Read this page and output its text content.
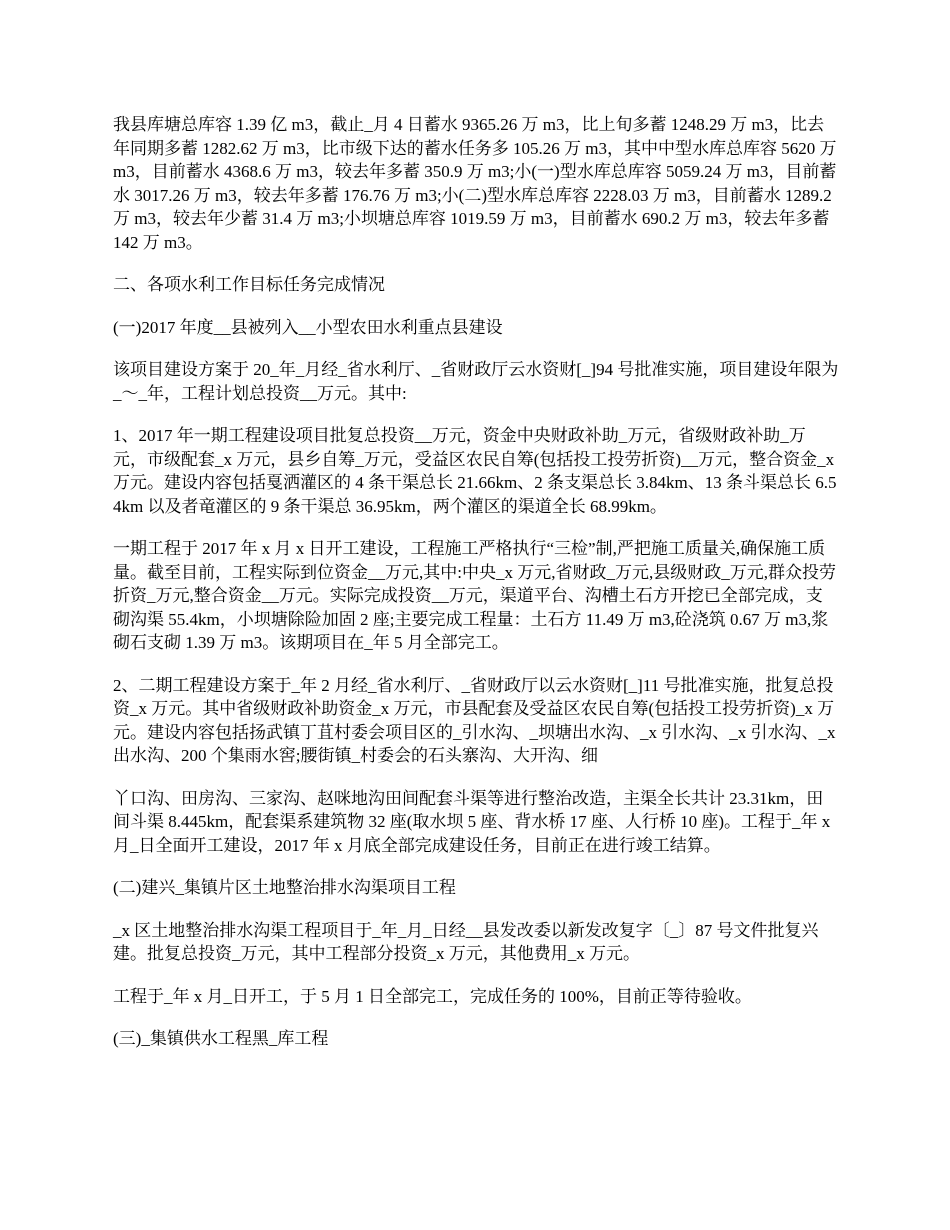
我县库塘总库容 1.39 亿 m3，截止_月 4 日蓄水 9365.26 万 m3，比上旬多蓄 1248.29 万 m3，比去年同期多蓄 1282.62 万 m3，比市级下达的蓄水任务多 105.26 万 m3，其中中型水库总库容 5620 万 m3，目前蓄水 4368.6 万 m3，较去年多蓄 350.9 万 m3;小(一)型水库总库容 5059.24 万 m3，目前蓄水 3017.26 万 m3，较去年多蓄 176.76 万 m3;小(二)型水库总库容 2228.03 万 m3，目前蓄水 1289.2 万 m3，较去年少蓄 31.4 万 m3;小坝塘总库容 1019.59 万 m3，目前蓄水 690.2 万 m3，较去年多蓄 142 万 m3。

二、各项水利工作目标任务完成情况

(一)2017 年度__县被列入__小型农田水利重点县建设

该项目建设方案于 20_年_月经_省水利厅、_省财政厅云水资财[_]94 号批准实施，项目建设年限为_～_年，工程计划总投资__万元。其中:

1、2017 年一期工程建设项目批复总投资__万元，资金中央财政补助_万元，省级财政补助_万元，市级配套_x 万元，县乡自筹_万元，受益区农民自筹(包括投工投劳折资)__万元，整合资金_x 万元。建设内容包括戛洒灌区的 4 条干渠总长 21.66km、2 条支渠总长 3.84km、13 条斗渠总长 6.54km 以及者竜灌区的 9 条干渠总 36.95km，两个灌区的渠道全长 68.99km。

一期工程于 2017 年 x 月 x 日开工建设，工程施工严格执行“三检”制,严把施工质量关,确保施工质量。截至目前，工程实际到位资金__万元,其中:中央_x 万元,省财政_万元,县级财政_万元,群众投劳折资_万元,整合资金__万元。实际完成投资__万元，渠道平台、沟槽土石方开挖已全部完成，支砌沟渠 55.4km，小坝塘除险加固 2 座;主要完成工程量：土石方 11.49 万 m3,砼浇筑 0.67 万 m3,浆砌石支砌 1.39 万 m3。该期项目在_年 5 月全部完工。

2、二期工程建设方案于_年 2 月经_省水利厅、_省财政厅以云水资财[_]11 号批准实施，批复总投资_x 万元。其中省级财政补助资金_x 万元，市县配套及受益区农民自筹(包括投工投劳折资)_x 万元。建设内容包括扬武镇丁苴村委会项目区的_引水沟、_坝塘出水沟、_x 引水沟、_x 引水沟、_x 出水沟、200 个集雨水窖;腰街镇_村委会的石头寨沟、大开沟、细

丫口沟、田房沟、三家沟、赵咪地沟田间配套斗渠等进行整治改造，主渠全长共计 23.31km，田间斗渠 8.445km，配套渠系建筑物 32 座(取水坝 5 座、背水桥 17 座、人行桥 10 座)。工程于_年 x 月_日全面开工建设，2017 年 x 月底全部完成建设任务，目前正在进行竣工结算。

(二)建兴_集镇片区土地整治排水沟渠项目工程

_x 区土地整治排水沟渠工程项目于_年_月_日经__县发改委以新发改复字〔_〕87 号文件批复兴建。批复总投资_万元，其中工程部分投资_x 万元，其他费用_x 万元。

工程于_年 x 月_日开工，于 5 月 1 日全部完工，完成任务的 100%，目前正等待验收。

(三)_集镇供水工程黑_库工程
